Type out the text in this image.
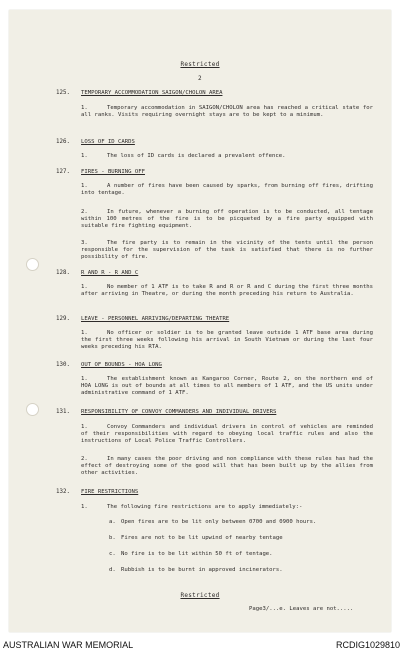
Restricted
2
125. TEMPORARY ACCOMMODATION SAIGON/CHOLON AREA
1.	Temporary accommodation in SAIGON/CHOLON area has reached a critical state for all ranks. Visits requiring overnight stays are to be kept to a minimum.
126. LOSS OF ID CARDS
1.	The loss of ID cards is declared a prevalent offence.
127. FIRES - BURNING OFF
1.	A number of fires have been caused by sparks, from burning off fires, drifting into tentage.
2.	In future, whenever a burning off operation is to be conducted, all tentage within 100 metres of the fire is to be picqueted by a fire party equipped with suitable fire fighting equipment.
3.	The fire party is to remain in the vicinity of the tents until the person responsible for the supervision of the task is satisfied that there is no further possibility of fire.
128. R AND R - R AND C
1.	No member of 1 ATF is to take R and R or R and C during the first three months after arriving in Theatre, or during the month preceding his return to Australia.
129. LEAVE - PERSONNEL ARRIVING/DEPARTING THEATRE
1.	No officer or soldier is to be granted leave outside 1 ATF base area during the first three weeks following his arrival in South Vietnam or during the last four weeks preceding his RTA.
130. OUT OF BOUNDS - HOA LONG
1.	The establishment known as Kangaroo Corner, Route 2, on the northern end of HOA LONG is out of bounds at all times to all members of 1 ATF, and the US units under administrative command of 1 ATF.
131. RESPONSIBILITY OF CONVOY COMMANDERS AND INDIVIDUAL DRIVERS
1.	Convoy Commanders and individual drivers in control of vehicles are reminded of their responsibilities with regard to obeying local traffic rules and also the instructions of Local Police Traffic Controllers.
2.	In many cases the poor driving and non compliance with these rules has had the effect of destroying some of the good will that has been built up by the allies from other activities.
132. FIRE RESTRICTIONS
1.	The following fire restrictions are to apply immediately:-
a. Open fires are to be lit only between 0700 and 0900 hours.
b. Fires are not to be lit upwind of nearby tentage
c. No fire is to be lit within 50 ft of tentage.
d. Rubbish is to be burnt in approved incinerators.
Restricted
Page3/...e. Leaves are not.....
AUSTRALIAN WAR MEMORIAL	RCDIG1029810
